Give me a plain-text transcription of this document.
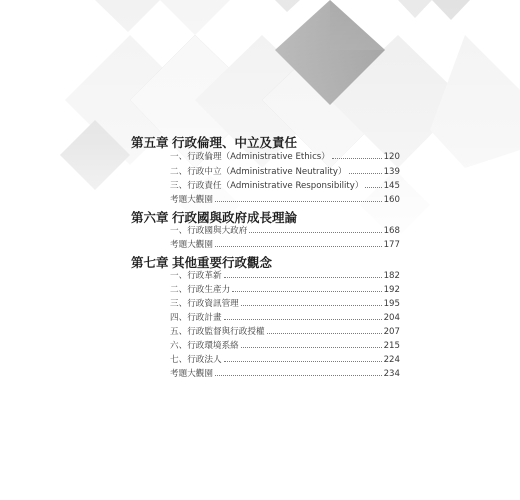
第五章 行政倫理、中立及責任
一、行政倫理（Administrative Ethics）	120
二、行政中立（Administrative Neutrality）	139
三、行政責任（Administrative Responsibility） 145
考題大觀園	160
第六章 行政國與政府成長理論
一、行政國與大政府	168
考題大觀園	177
第七章 其他重要行政觀念
一、行政革新	182
二、行政生產力	192
三、行政資訊管理	195
四、行政計畫	204
五、行政監督與行政授權	207
六、行政環境系絡	215
七、行政法人	224
考題大觀園	234
